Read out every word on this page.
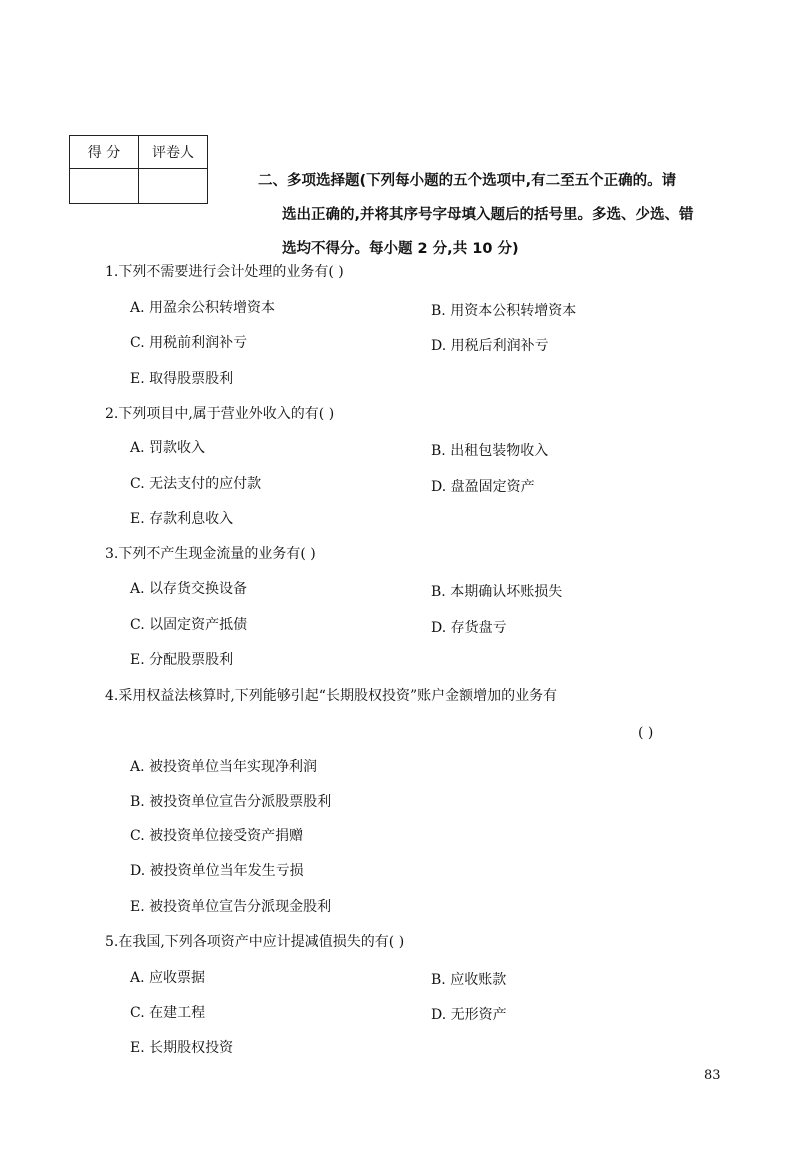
得 分	评卷人

二、多项选择题(下列每小题的五个选项中,有二至五个正确的。请
选出正确的,并将其序号字母填入题后的括号里。多选、少选、错
选均不得分。每小题 2 分,共 10 分)
1.下列不需要进行会计处理的业务有( )
A. 用盈余公积转增资本	B. 用资本公积转增资本
C. 用税前利润补亏	D. 用税后利润补亏
E. 取得股票股利
2.下列项目中,属于营业外收入的有( )
A. 罚款收入	B. 出租包装物收入
C. 无法支付的应付款	D. 盘盈固定资产
E. 存款利息收入
3.下列不产生现金流量的业务有( )
A. 以存货交换设备	B. 本期确认坏账损失
C. 以固定资产抵债	D. 存货盘亏
E. 分配股票股利
4.采用权益法核算时,下列能够引起“长期股权投资”账户金额增加的业务有
( )
A. 被投资单位当年实现净利润
B. 被投资单位宣告分派股票股利
C. 被投资单位接受资产捐赠
D. 被投资单位当年发生亏损
E. 被投资单位宣告分派现金股利
5.在我国,下列各项资产中应计提减值损失的有( )
A. 应收票据	B. 应收账款
C. 在建工程	D. 无形资产
E. 长期股权投资
83
